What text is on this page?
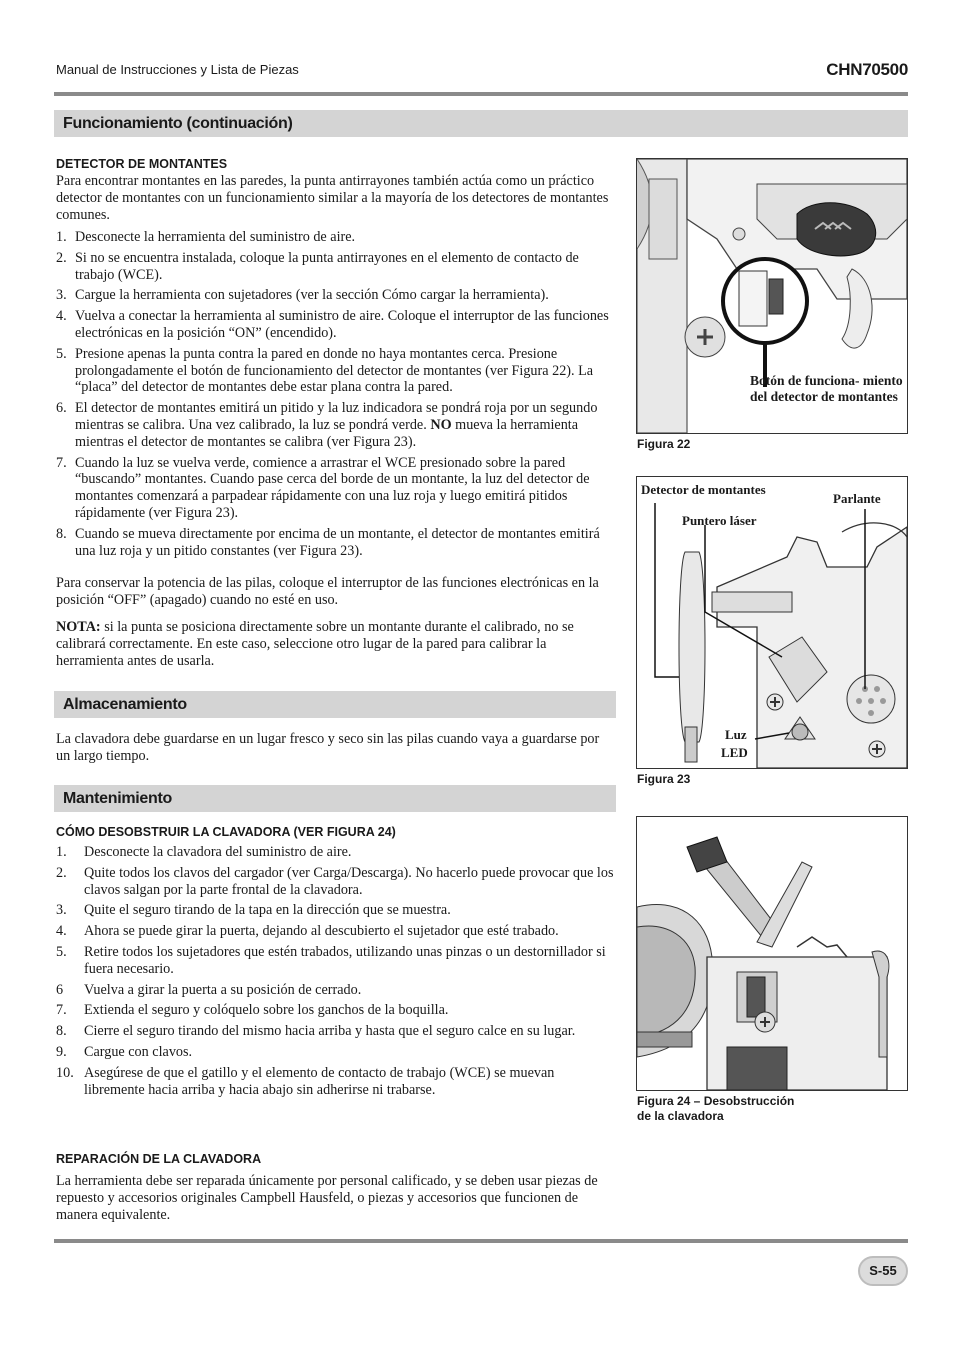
Manual de Instrucciones y Lista de Piezas	CHN70500
Funcionamiento (continuación)
DETECTOR DE MONTANTES

Para encontrar montantes en las paredes, la punta antirrayones también actúa como un práctico detector de montantes con un funcionamiento similar a la mayoría de los detectores de montantes comunes.

1. Desconecte la herramienta del suministro de aire.
2. Si no se encuentra instalada, coloque la punta antirrayones en el elemento de contacto de trabajo (WCE).
3. Cargue la herramienta con sujetadores (ver la sección Cómo cargar la herramienta).
4. Vuelva a conectar la herramienta al suministro de aire. Coloque el interruptor de las funciones electrónicas en la posición “ON” (encendido).
5. Presione apenas la punta contra la pared en donde no haya montantes cerca. Presione prolongadamente el botón de funcionamiento del detector de montantes (ver Figura 22). La “placa” del detector de montantes debe estar plana contra la pared.
6. El detector de montantes emitirá un pitido y la luz indicadora se pondrá roja por un segundo mientras se calibra. Una vez calibrado, la luz se pondrá verde. NO mueva la herramienta mientras el detector de montantes se calibra (ver Figura 23).
7. Cuando la luz se vuelva verde, comience a arrastrar el WCE presionado sobre la pared “buscando” montantes. Cuando pase cerca del borde de un montante, la luz del detector de montantes comenzará a parpadear rápidamente con una luz roja y luego emitirá pitidos rápidamente (ver Figura 23).
8. Cuando se mueva directamente por encima de un montante, el detector de montantes emitirá una luz roja y un pitido constantes (ver Figura 23).

Para conservar la potencia de las pilas, coloque el interruptor de las funciones electrónicas en la posición “OFF” (apagado) cuando no esté en uso.

NOTA: si la punta se posiciona directamente sobre un montante durante el calibrado, no se calibrará correctamente. En este caso, seleccione otro lugar de la pared para calibrar la herramienta antes de usarla.

Almacenamiento

La clavadora debe guardarse en un lugar fresco y seco sin las pilas cuando vaya a guardarse por un largo tiempo.

Mantenimiento
CÓMO DESOBSTRUIR LA CLAVADORA (VER FIGURA 24)
1. Desconecte la clavadora del suministro de aire.
2. Quite todos los clavos del cargador (ver Carga/Descarga). No hacerlo puede provocar que los clavos salgan por la parte frontal de la clavadora.
3. Quite el seguro tirando de la tapa en la dirección que se muestra.
4. Ahora se puede girar la puerta, dejando al descubierto el sujetador que esté trabado.
5. Retire todos los sujetadores que estén trabados, utilizando unas pinzas o un destornillador si fuera necesario.
6 Vuelva a girar la puerta a su posición de cerrado.
7. Extienda el seguro y colóquelo sobre los ganchos de la boquilla.
8. Cierre el seguro tirando del mismo hacia arriba y hasta que el seguro calce en su lugar.
9. Cargue con clavos.
10. Asegúrese de que el gatillo y el elemento de contacto de trabajo (WCE) se muevan libremente hacia arriba y hacia abajo sin adherirse ni trabarse.
REPARACIÓN DE LA CLAVADORA

La herramienta debe ser reparada únicamente por personal calificado, y se deben usar piezas de repuesto y accesorios originales Campbell Hausfeld, o piezas y accesorios que funcionen de manera equivalente.

Botón de funciona- miento del detector de montantes
Figura 22
Detector de montantes
Parlante
Puntero láser
Luz
LED
Figura 23
Figura 24 – Desobstrucción
de la clavadora
S-55
